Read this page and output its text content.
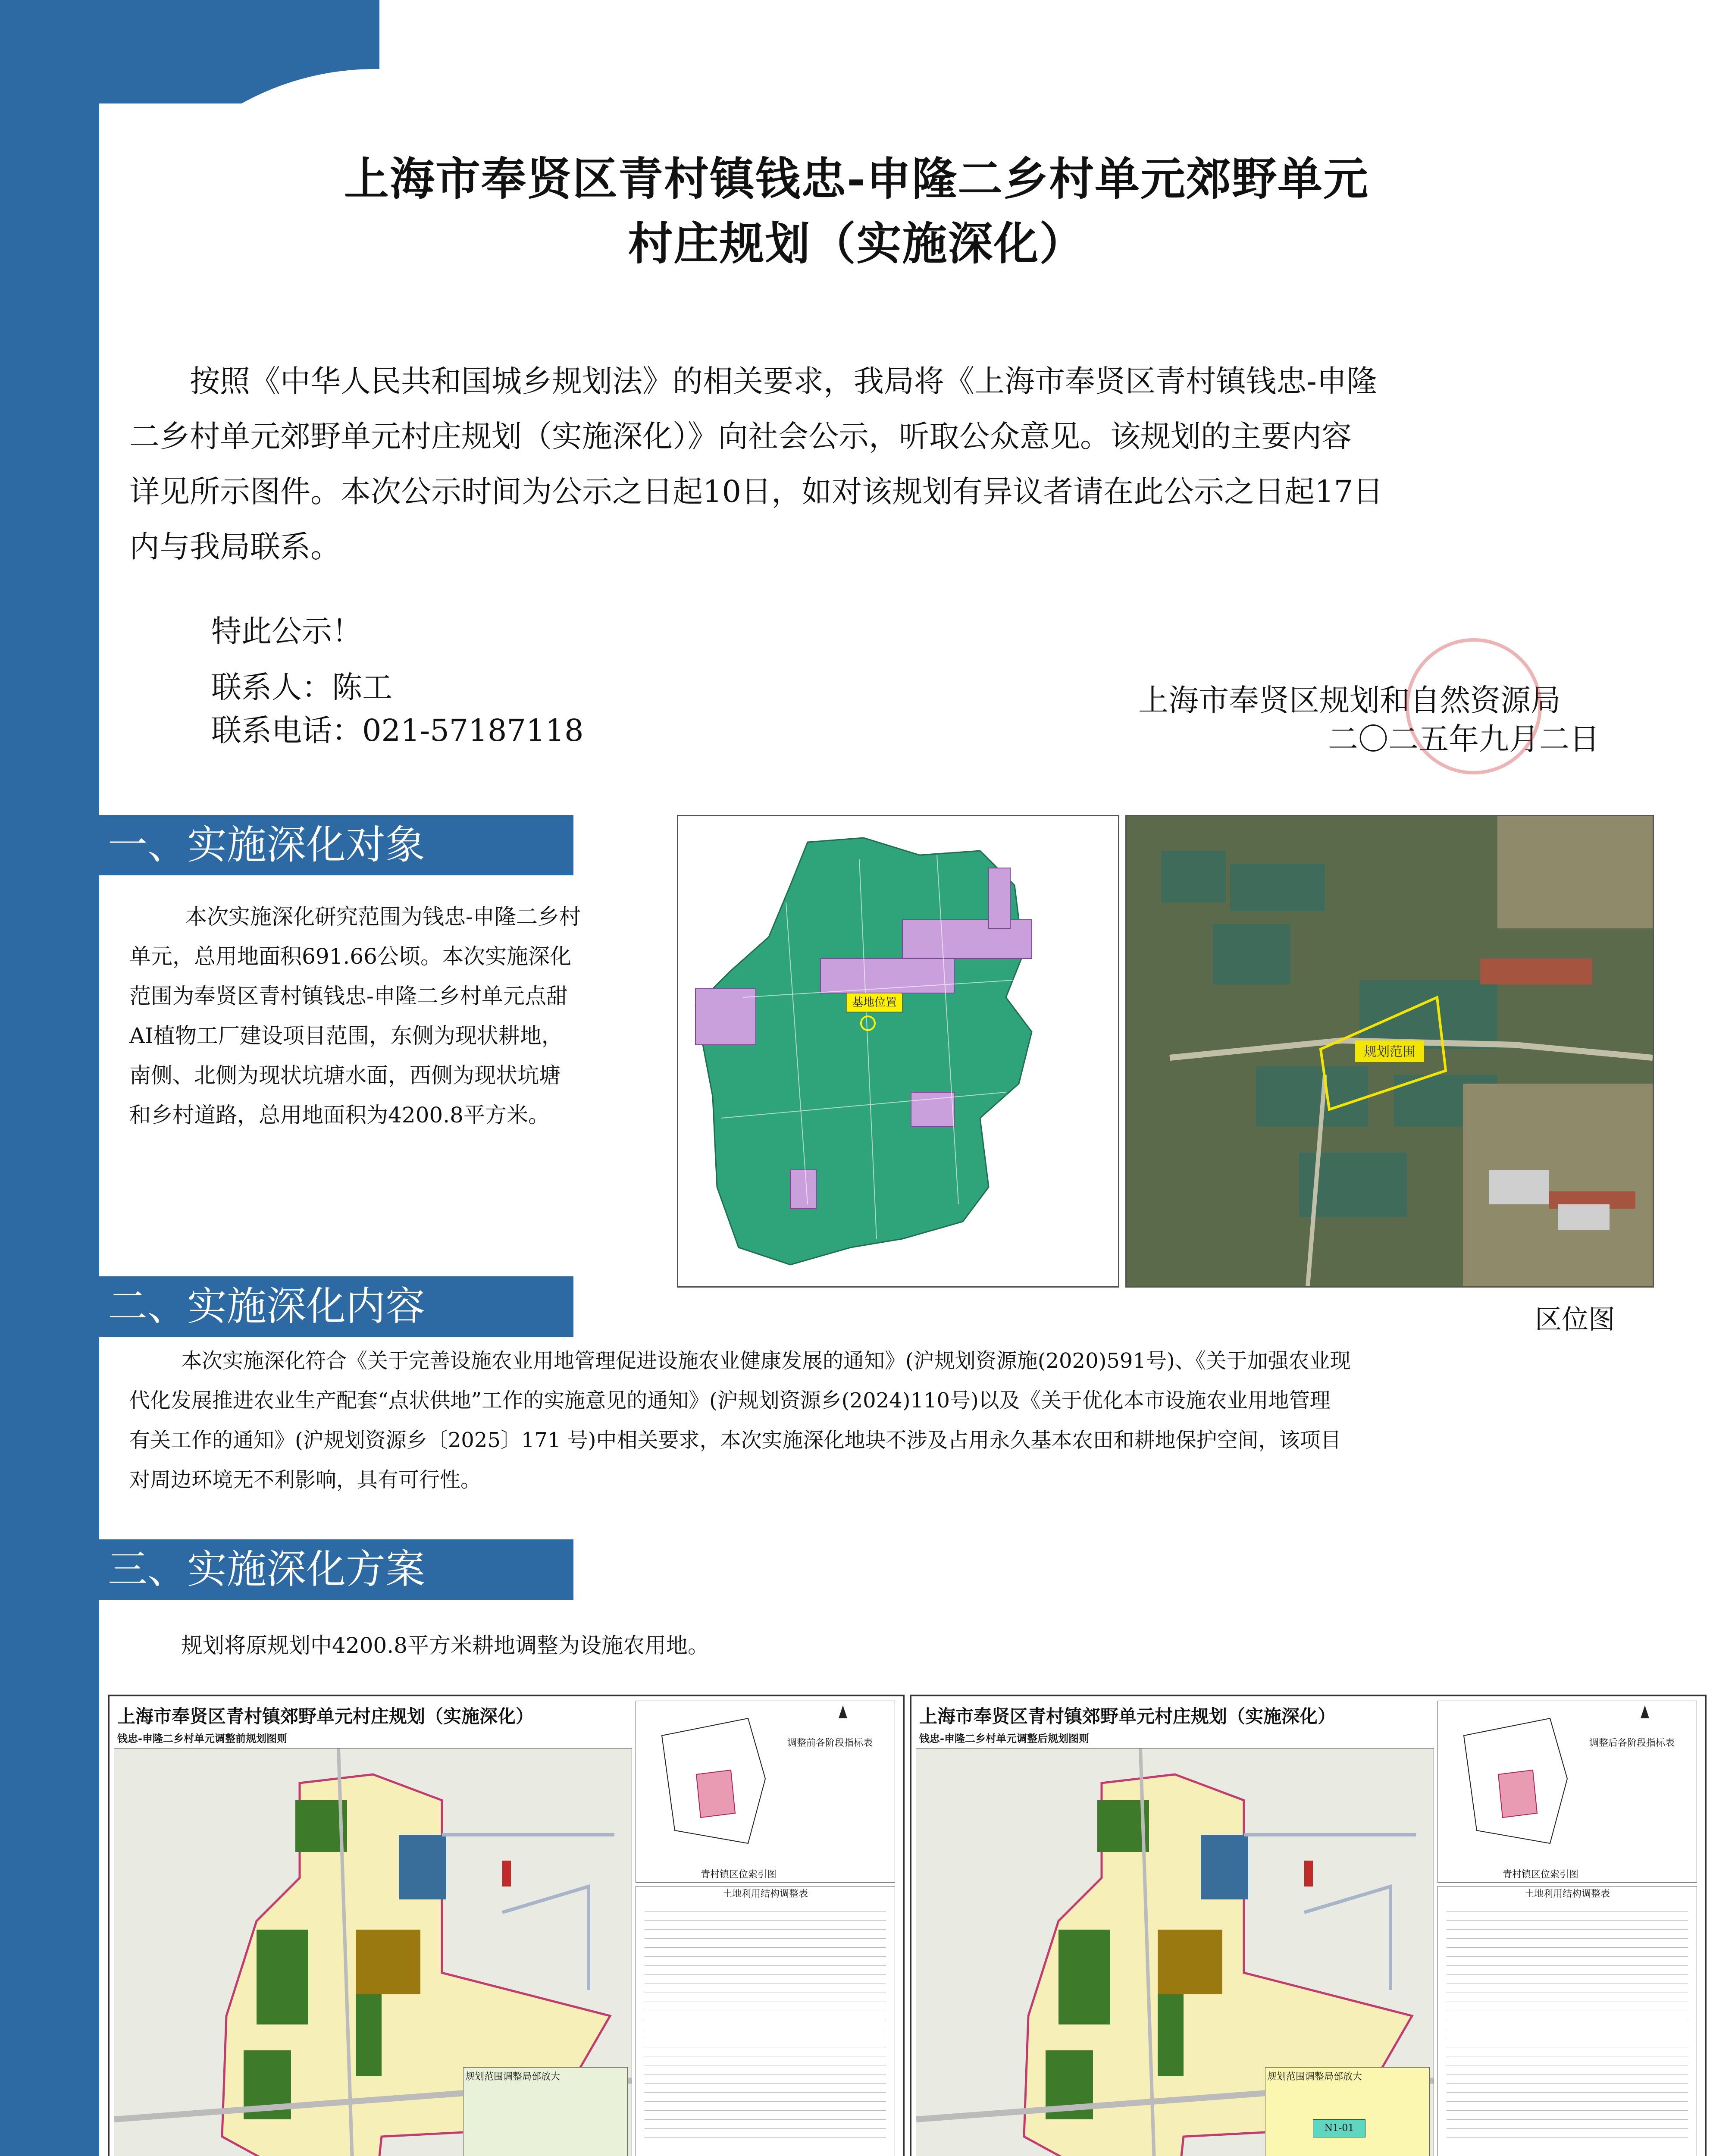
上海市奉贤区青村镇钱忠-申隆二乡村单元郊野单元
村庄规划（实施深化）
按照《中华人民共和国城乡规划法》的相关要求，我局将《上海市奉贤区青村镇钱忠-申隆
二乡村单元郊野单元村庄规划（实施深化）》向社会公示，听取公众意见。该规划的主要内容
详见所示图件。本次公示时间为公示之日起10日，如对该规划有异议者请在此公示之日起17日
内与我局联系。
特此公示！
联系人：陈工
联系电话：021-57187118
上海市奉贤区规划和自然资源局
二〇二五年九月二日
一、实施深化对象
本次实施深化研究范围为钱忠-申隆二乡村
单元，总用地面积691.66公顷。本次实施深化
范围为奉贤区青村镇钱忠-申隆二乡村单元点甜
AI植物工厂建设项目范围，东侧为现状耕地，
南侧、北侧为现状坑塘水面，西侧为现状坑塘
和乡村道路，总用地面积为4200.8平方米。
基地位置
规划范围
区位图
二、实施深化内容
本次实施深化符合《关于完善设施农业用地管理促进设施农业健康发展的通知》(沪规划资源施(2020)591号)、《关于加强农业现
代化发展推进农业生产配套“点状供地”工作的实施意见的通知》(沪规划资源乡(2024)110号)以及《关于优化本市设施农业用地管理
有关工作的通知》(沪规划资源乡〔2025〕171 号)中相关要求，本次实施深化地块不涉及占用永久基本农田和耕地保护空间，该项目
对周边环境无不利影响，具有可行性。
三、实施深化方案
规划将原规划中4200.8平方米耕地调整为设施农用地。
上海市奉贤区青村镇郊野单元村庄规划（实施深化）
钱忠-申隆二乡村单元调整前规划图则	调整前各阶段指标表
青村镇区位索引图
土地利用结构调整表
规划范围调整局部放大
上海市奉贤区青村镇郊野单元村庄规划（实施深化）
钱忠-申隆二乡村单元调整后规划图则	调整后各阶段指标表
青村镇区位索引图
土地利用结构调整表
规划范围调整局部放大
N1-01
